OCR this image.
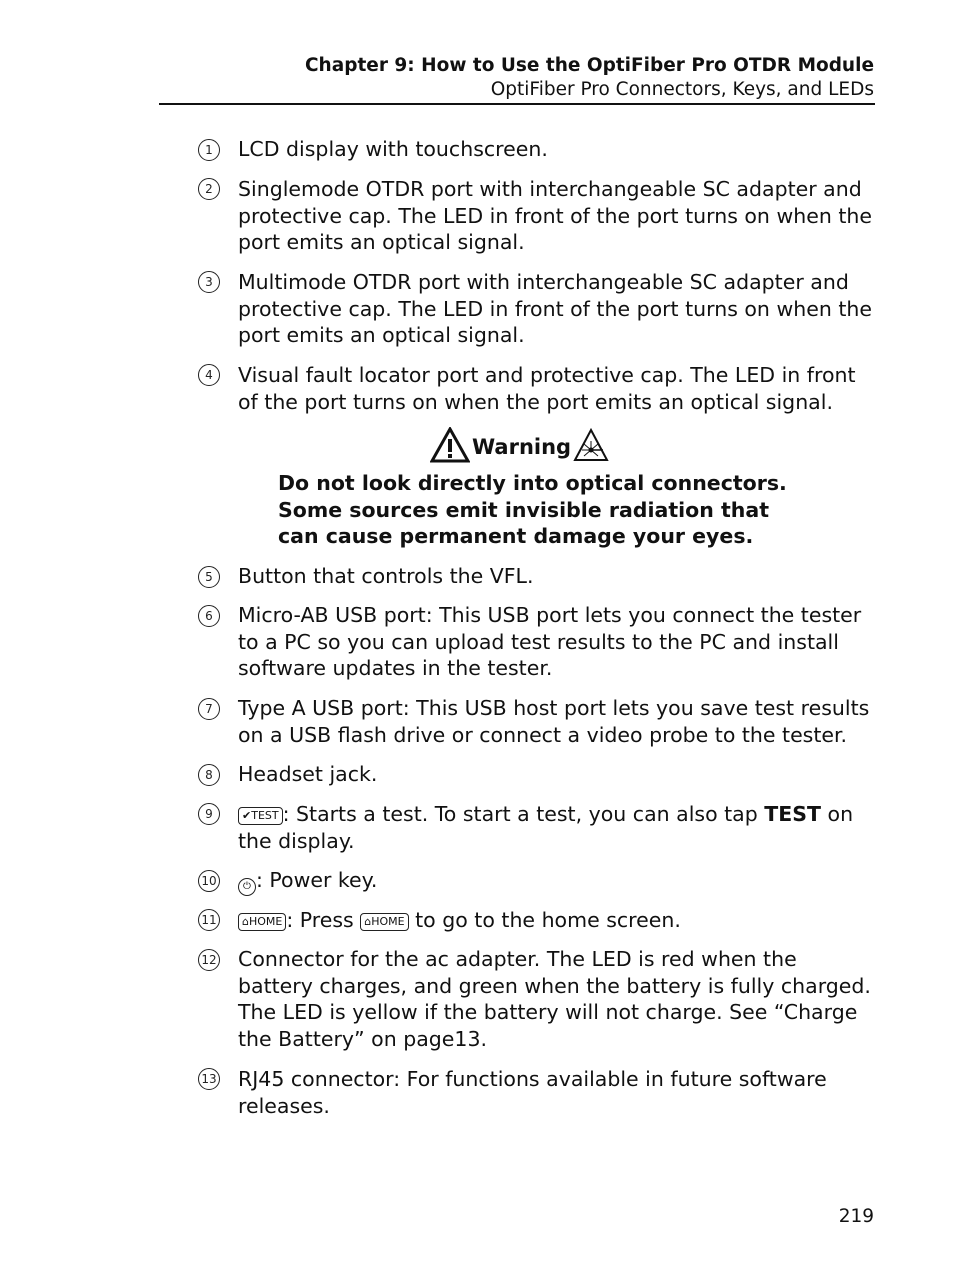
Chapter 9: How to Use the OptiFiber Pro OTDR Module
OptiFiber Pro Connectors, Keys, and LEDs
1	LCD display with touchscreen.
2	Singlemode OTDR port with interchangeable SC adapter and protective cap. The LED in front of the port turns on when the port emits an optical signal.
3	Multimode OTDR port with interchangeable SC adapter and protective cap. The LED in front of the port turns on when the port emits an optical signal.
4	Visual fault locator port and protective cap. The LED in front of the port turns on when the port emits an optical signal.
Warning
Do not look directly into optical connectors. Some sources emit invisible radiation that can cause permanent damage your eyes.
5	Button that controls the VFL.
6	Micro-AB USB port: This USB port lets you connect the tester to a PC so you can upload test results to the PC and install software updates in the tester.
7	Type A USB port: This USB host port lets you save test results on a USB flash drive or connect a video probe to the tester.
8	Headset jack.
9	✔TEST : Starts a test. To start a test, you can also tap TEST on the display.
10	⏻ : Power key.
11	⌂HOME : Press ⌂HOME to go to the home screen.
12 Connector for the ac adapter. The LED is red when the battery charges, and green when the battery is fully charged. The LED is yellow if the battery will not charge. See “Charge the Battery” on page13.
13 RJ45 connector: For functions available in future software releases.
219
